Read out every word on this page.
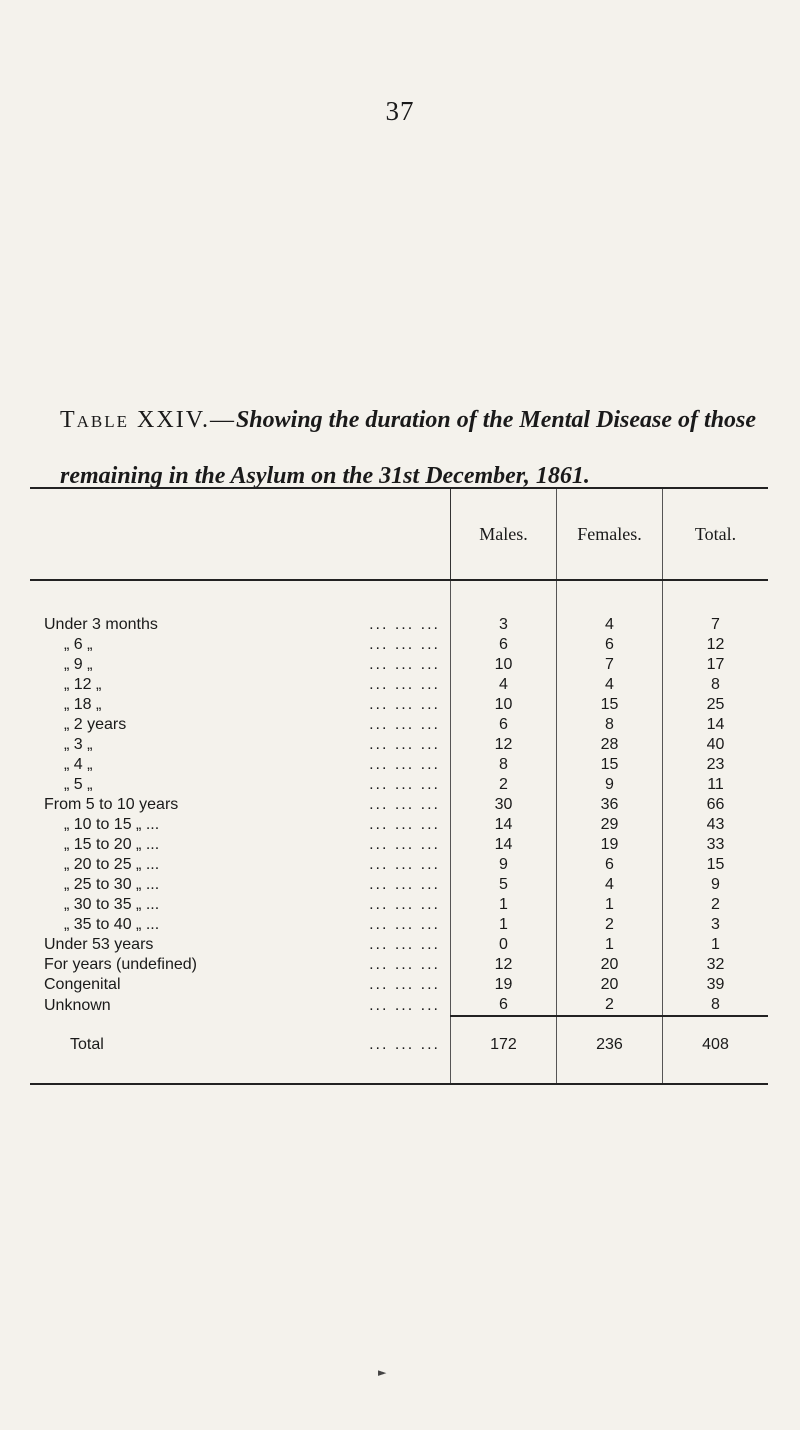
37
Table XXIV.—Showing the duration of the Mental Disease of those remaining in the Asylum on the 31st December, 1861.
	Males.	Females.	Total.
Under 3 months ... ... ...	3	4	7
„ 6 „ ... ... ...	6	6	12
„ 9 „ ... ... ...	10	7	17
„ 12 „ ... ... ...	4	4	8
„ 18 „ ... ... ...	10	15	25
„ 2 years ... ... ...	6	8	14
„ 3 „ ... ... ...	12	28	40
„ 4 „ ... ... ...	8	15	23
„ 5 „ ... ... ...	2	9	11
From 5 to 10 years ... ... ...	30	36	66
„ 10 to 15 „ ... ... ... ...	14	29	43
„ 15 to 20 „ ... ... ... ...	14	19	33
„ 20 to 25 „ ... ... ... ...	9	6	15
„ 25 to 30 „ ... ... ... ...	5	4	9
„ 30 to 35 „ ... ... ... ...	1	1	2
„ 35 to 40 „ ... ... ... ...	1	2	3
Under 53 years ... ... ...	0	1	1
For years (undefined) ... ... ...	12	20	32
Congenital ... ... ...	19	20	39
Unknown ... ... ...	6	2	8
Total ... ... ...	172	236	408
►
